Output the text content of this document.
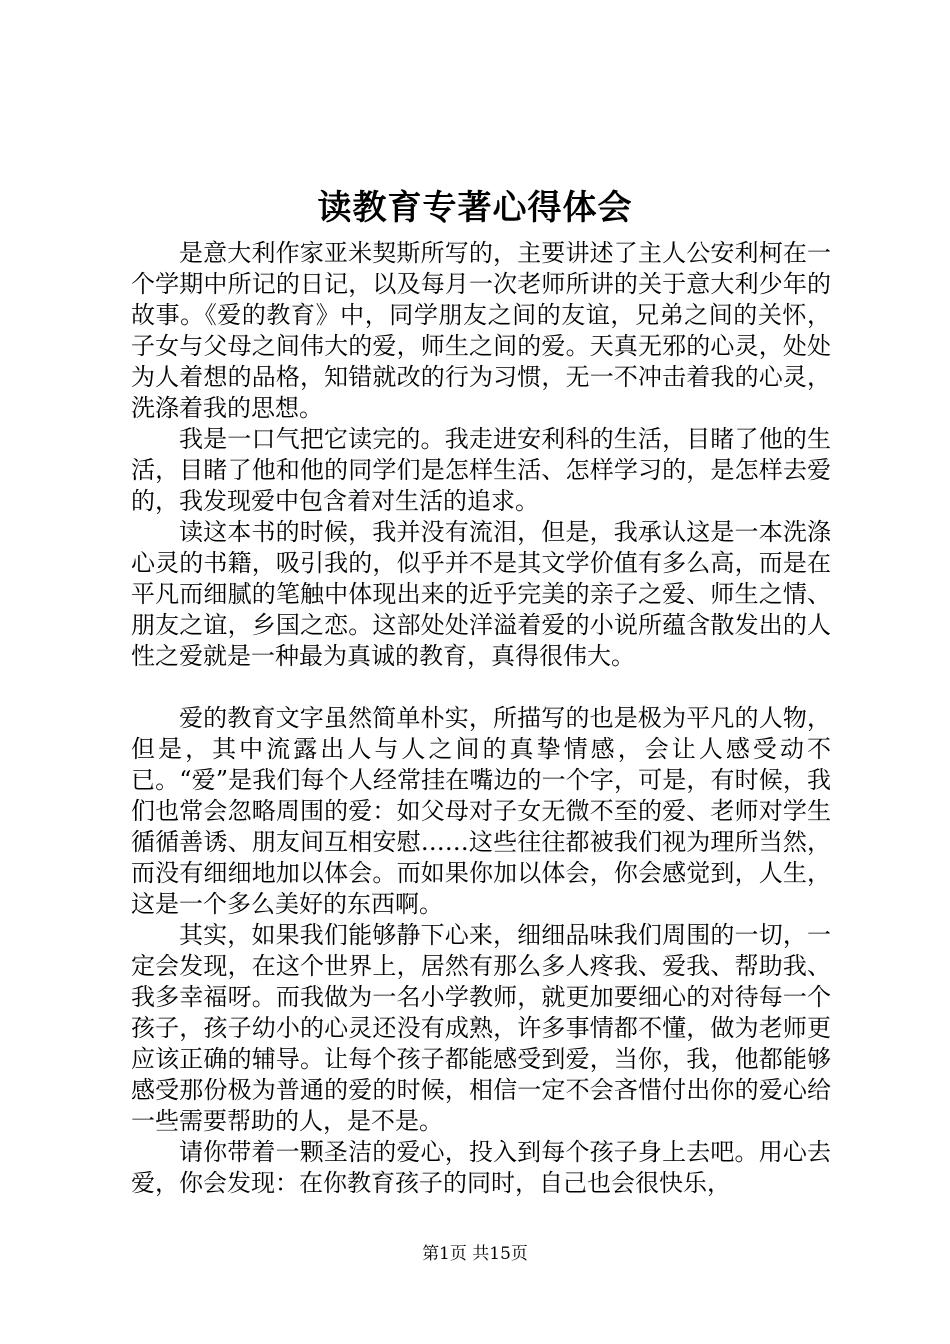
读教育专著心得体会

是意大利作家亚米契斯所写的，主要讲述了主人公安利柯在一个学期中所记的日记，以及每月一次老师所讲的关于意大利少年的故事。《爱的教育》中，同学朋友之间的友谊，兄弟之间的关怀，子女与父母之间伟大的爱，师生之间的爱。天真无邪的心灵，处处为人着想的品格，知错就改的行为习惯，无一不冲击着我的心灵，洗涤着我的思想。

我是一口气把它读完的。我走进安利科的生活，目睹了他的生活，目睹了他和他的同学们是怎样生活、怎样学习的，是怎样去爱的，我发现爱中包含着对生活的追求。

读这本书的时候，我并没有流泪，但是，我承认这是一本洗涤心灵的书籍，吸引我的，似乎并不是其文学价值有多么高，而是在平凡而细腻的笔触中体现出来的近乎完美的亲子之爱、师生之情、朋友之谊，乡国之恋。这部处处洋溢着爱的小说所蕴含散发出的人性之爱就是一种最为真诚的教育，真得很伟大。

爱的教育文字虽然简单朴实，所描写的也是极为平凡的人物，但是，其中流露出人与人之间的真挚情感，会让人感受动不已。“爱”是我们每个人经常挂在嘴边的一个字，可是，有时候，我们也常会忽略周围的爱：如父母对子女无微不至的爱、老师对学生循循善诱、朋友间互相安慰……这些往往都被我们视为理所当然，而没有细细地加以体会。而如果你加以体会，你会感觉到，人生，这是一个多么美好的东西啊。

其实，如果我们能够静下心来，细细品味我们周围的一切，一定会发现，在这个世界上，居然有那么多人疼我、爱我、帮助我、我多幸福呀。而我做为一名小学教师，就更加要细心的对待每一个孩子，孩子幼小的心灵还没有成熟，许多事情都不懂，做为老师更应该正确的辅导。让每个孩子都能感受到爱，当你，我，他都能够感受那份极为普通的爱的时候，相信一定不会吝惜付出你的爱心给一些需要帮助的人，是不是。

请你带着一颗圣洁的爱心，投入到每个孩子身上去吧。用心去爱，你会发现：在你教育孩子的同时，自己也会很快乐，

第1页 共15页
